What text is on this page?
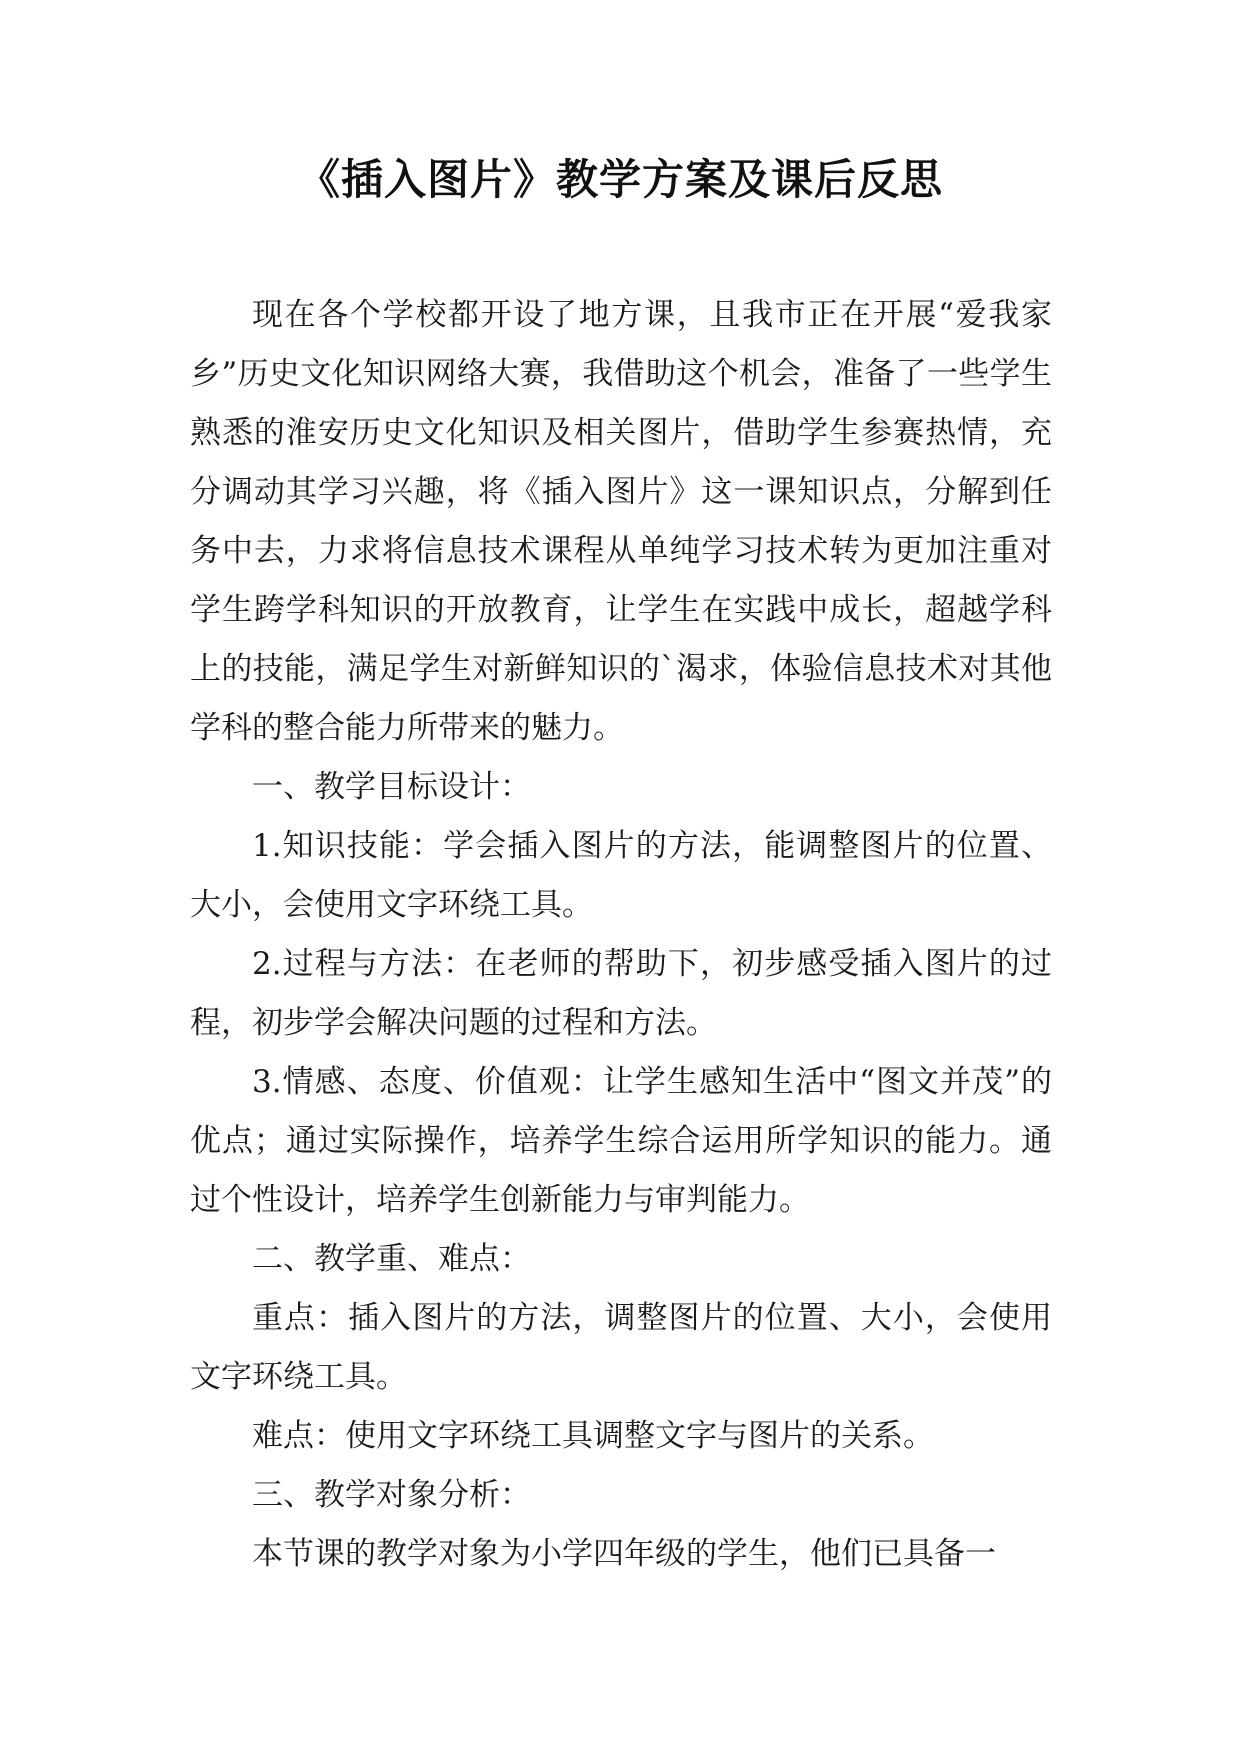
《插入图片》教学方案及课后反思

现在各个学校都开设了地方课，且我市正在开展“爱我家乡”历史文化知识网络大赛，我借助这个机会，准备了一些学生熟悉的淮安历史文化知识及相关图片，借助学生参赛热情，充分调动其学习兴趣，将《插入图片》这一课知识点，分解到任务中去，力求将信息技术课程从单纯学习技术转为更加注重对学生跨学科知识的开放教育，让学生在实践中成长，超越学科上的技能，满足学生对新鲜知识的`渴求，体验信息技术对其他学科的整合能力所带来的魅力。

一、教学目标设计：

1.知识技能：学会插入图片的方法，能调整图片的位置、大小，会使用文字环绕工具。

2.过程与方法：在老师的帮助下，初步感受插入图片的过程，初步学会解决问题的过程和方法。

3.情感、态度、价值观：让学生感知生活中“图文并茂”的优点；通过实际操作，培养学生综合运用所学知识的能力。通过个性设计，培养学生创新能力与审判能力。

二、教学重、难点：

重点：插入图片的方法，调整图片的位置、大小，会使用文字环绕工具。

难点：使用文字环绕工具调整文字与图片的关系。

三、教学对象分析：

本节课的教学对象为小学四年级的学生，他们已具备一
